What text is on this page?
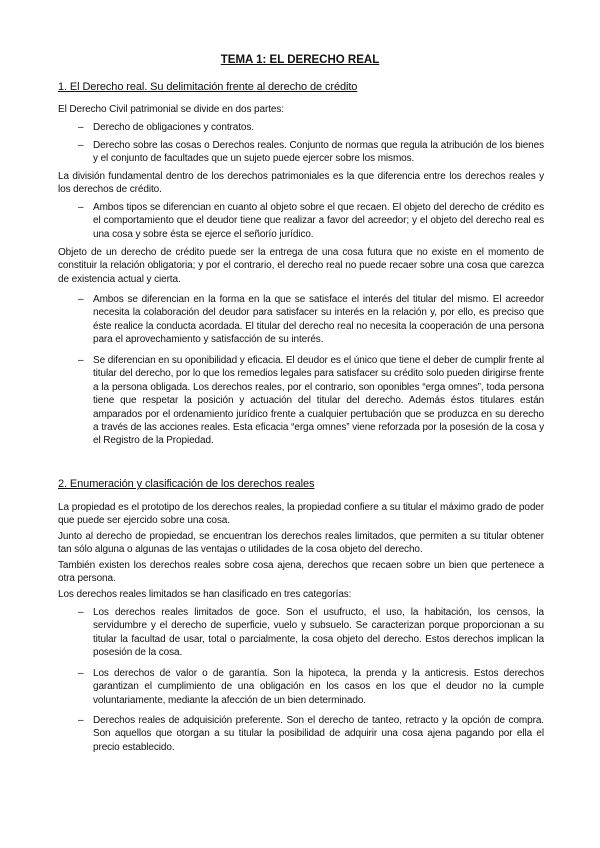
TEMA 1: EL DERECHO REAL
1. El Derecho real. Su delimitación frente al derecho de crédito

El Derecho Civil patrimonial se divide en dos partes:

– Derecho de obligaciones y contratos.
– Derecho sobre las cosas o Derechos reales. Conjunto de normas que regula la atribución de los bienes y el conjunto de facultades que un sujeto puede ejercer sobre los mismos.

La división fundamental dentro de los derechos patrimoniales es la que diferencia entre los derechos reales y los derechos de crédito.

– Ambos tipos se diferencian en cuanto al objeto sobre el que recaen. El objeto del derecho de crédito es el comportamiento que el deudor tiene que realizar a favor del acreedor; y el objeto del derecho real es una cosa y sobre ésta se ejerce el señorío jurídico.

Objeto de un derecho de crédito puede ser la entrega de una cosa futura que no existe en el momento de constituir la relación obligatoria; y por el contrario, el derecho real no puede recaer sobre una cosa que carezca de existencia actual y cierta.

– Ambos se diferencian en la forma en la que se satisface el interés del titular del mismo. El acreedor necesita la colaboración del deudor para satisfacer su interés en la relación y, por ello, es preciso que éste realice la conducta acordada. El titular del derecho real no necesita la cooperación de una persona para el aprovechamiento y satisfacción de su interés.
– Se diferencian en su oponibilidad y eficacia. El deudor es el único que tiene el deber de cumplir frente al titular del derecho, por lo que los remedios legales para satisfacer su crédito solo pueden dirigirse frente a la persona obligada. Los derechos reales, por el contrario, son oponibles “erga omnes”, toda persona tiene que respetar la posición y actuación del titular del derecho. Además éstos titulares están amparados por el ordenamiento jurídico frente a cualquier pertubación que se produzca en su derecho a través de las acciones reales. Esta eficacia “erga omnes” viene reforzada por la posesión de la cosa y el Registro de la Propiedad.
2. Enumeración y clasificación de los derechos reales

La propiedad es el prototipo de los derechos reales, la propiedad confiere a su titular el máximo grado de poder que puede ser ejercido sobre una cosa.

Junto al derecho de propiedad, se encuentran los derechos reales limitados, que permiten a su titular obtener tan sólo alguna o algunas de las ventajas o utilidades de la cosa objeto del derecho.

También existen los derechos reales sobre cosa ajena, derechos que recaen sobre un bien que pertenece a otra persona.

Los derechos reales limitados se han clasificado en tres categorías:

– Los derechos reales limitados de goce. Son el usufructo, el uso, la habitación, los censos, la servidumbre y el derecho de superficie, vuelo y subsuelo. Se caracterizan porque proporcionan a su titular la facultad de usar, total o parcialmente, la cosa objeto del derecho. Estos derechos implican la posesión de la cosa.
– Los derechos de valor o de garantía. Son la hipoteca, la prenda y la anticresis. Estos derechos garantizan el cumplimiento de una obligación en los casos en los que el deudor no la cumple voluntariamente, mediante la afección de un bien determinado.
– Derechos reales de adquisición preferente. Son el derecho de tanteo, retracto y la opción de compra. Son aquellos que otorgan a su titular la posibilidad de adquirir una cosa ajena pagando por ella el precio establecido.
